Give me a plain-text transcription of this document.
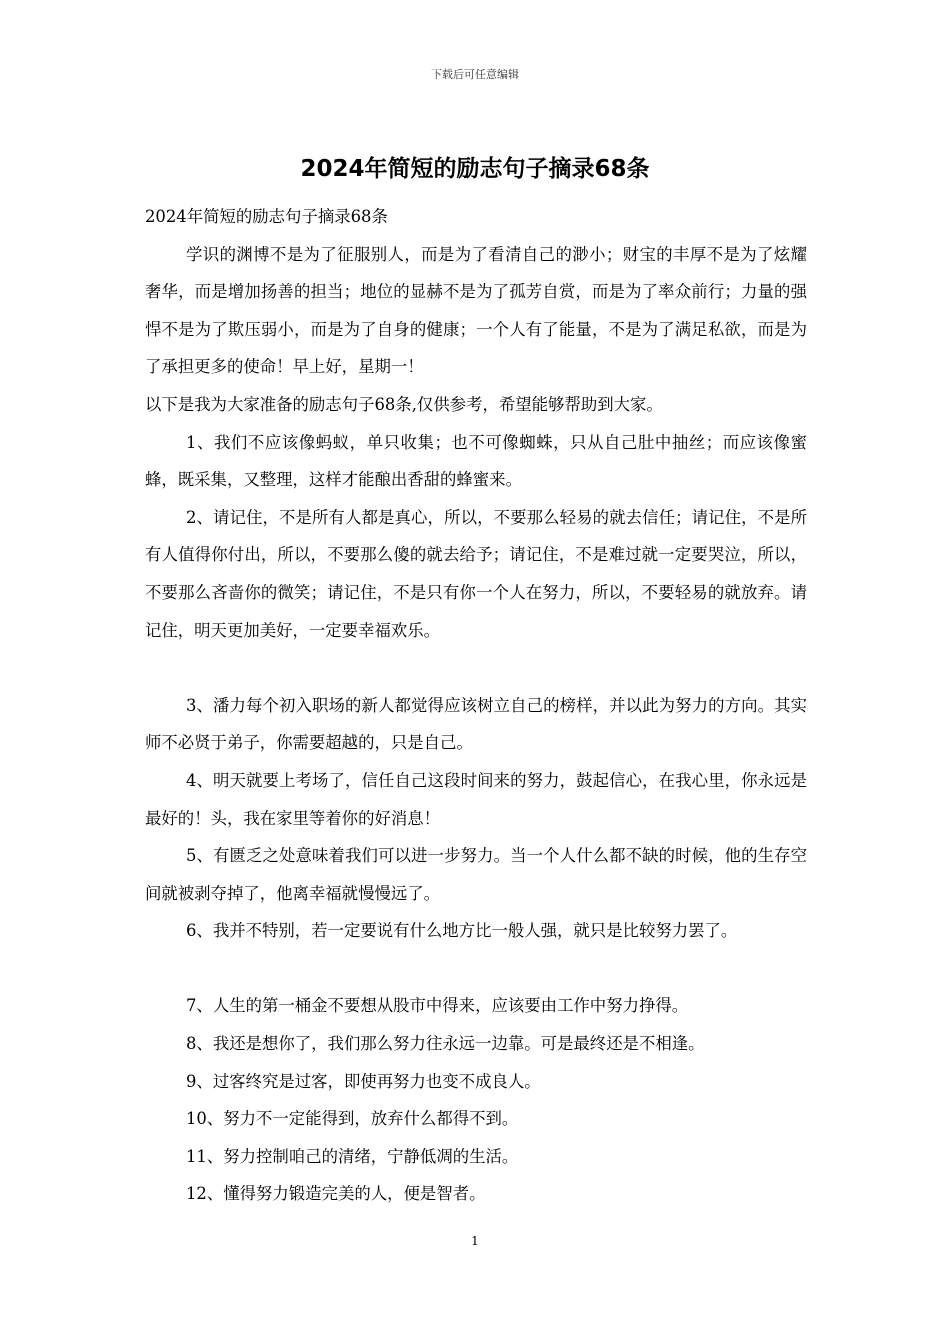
下载后可任意编辑
2024年简短的励志句子摘录68条

2024年简短的励志句子摘录68条

学识的渊博不是为了征服别人，而是为了看清自己的渺小；财宝的丰厚不是为了炫耀奢华，而是增加扬善的担当；地位的显赫不是为了孤芳自赏，而是为了率众前行；力量的强悍不是为了欺压弱小，而是为了自身的健康；一个人有了能量，不是为了满足私欲，而是为了承担更多的使命！早上好，星期一！

以下是我为大家准备的励志句子68条,仅供参考，希望能够帮助到大家。

1、我们不应该像蚂蚁，单只收集；也不可像蜘蛛，只从自己肚中抽丝；而应该像蜜蜂，既采集，又整理，这样才能酿出香甜的蜂蜜来。

2、请记住，不是所有人都是真心，所以，不要那么轻易的就去信任；请记住，不是所有人值得你付出，所以，不要那么傻的就去给予；请记住，不是难过就一定要哭泣，所以，不要那么吝啬你的微笑；请记住，不是只有你一个人在努力，所以，不要轻易的就放弃。请记住，明天更加美好，一定要幸福欢乐。

3、潘力每个初入职场的新人都觉得应该树立自己的榜样，并以此为努力的方向。其实师不必贤于弟子，你需要超越的，只是自己。

4、明天就要上考场了，信任自己这段时间来的努力，鼓起信心，在我心里，你永远是最好的！头，我在家里等着你的好消息！

5、有匮乏之处意味着我们可以进一步努力。当一个人什么都不缺的时候，他的生存空间就被剥夺掉了，他离幸福就慢慢远了。

6、我并不特别，若一定要说有什么地方比一般人强，就只是比较努力罢了。

7、人生的第一桶金不要想从股市中得来，应该要由工作中努力挣得。

8、我还是想你了，我们那么努力往永远一边靠。可是最终还是不相逢。

9、过客终究是过客，即使再努力也变不成良人。

10、努力不一定能得到，放弃什么都得不到。

11、努力控制咱己的清绪，宁静低凋的生活。

12、懂得努力锻造完美的人，便是智者。

1
